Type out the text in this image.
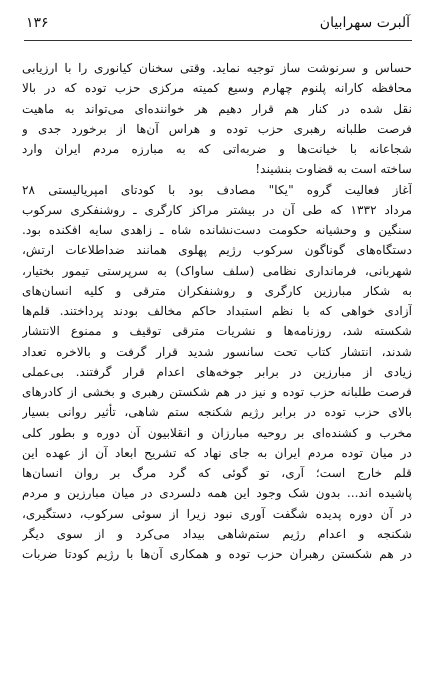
آلبرت سهرابیان
۱۳۶
حساس و سرنوشت ساز توجیه نماید. وقتی سخنان کیانوری را با ارزیابی
محافظه کارانه پلنوم چهارم وسیع کمیته مرکزی حزب توده که در بالا
نقل شده در کنار هم قرار دهیم هر خواننده‌ای می‌تواند به ماهیت
فرصت طلبانه رهبری حزب توده و هراس آن‌ها از برخورد جدی و
شجاعانه با خیانت‌ها و ضربه‌اتی که به مبارزه مردم ایران وارد
ساخته است به قضاوت بنشیند!
آغاز فعالیت گروه "یکا" مصادف بود با کودتای امپریالیستی ۲۸
مرداد ۱۳۳۲ که طی آن در بیشتر مراکز کارگری ـ روشنفکری سرکوب
سنگین و وحشیانه حکومت دست‌نشانده شاه ـ زاهدی سایه افکنده بود.
دستگاه‌های گوناگون سرکوب رژیم پهلوی همانند ضداطلاعات ارتش،
شهربانی، فرمانداری نظامی (سلف ساواک) به سرپرستی تیمور بختیار،
به شکار مبارزین کارگری و روشنفکران مترقی و کلیه انسان‌های
آزادی خواهی که با نظم استبداد حاکم مخالف بودند پرداختند. قلم‌ها
شکسته شد، روزنامه‌ها و نشریات مترقی توقیف و ممنوع الانتشار
شدند، انتشار کتاب تحت سانسور شدید قرار گرفت و بالاخره تعداد
زیادی از مبارزین در برابر جوخه‌های اعدام قرار گرفتند. بی‌عملی
فرصت طلبانه حزب توده و نیز در هم شکستن رهبری و بخشی از کادرهای
بالای حزب توده در برابر رژیم شکنجه ستم شاهی، تأثیر روانی بسیار
مخرب و کشنده‌ای بر روحیه مبارزان و انقلابیون آن دوره و بطور کلی
در میان توده مردم ایران به جای نهاد که تشریح ابعاد آن از عهده این
قلم خارج است؛ آری، تو گوئی که گرد مرگ بر روان انسان‌ها
پاشیده اند... بدون شک وجود این همه دلسردی در میان مبارزین و مردم
در آن دوره پدیده شگفت آوری نبود زیرا از سوئی سرکوب، دستگیری،
شکنجه و اعدام رژیم ستم‌شاهی بیداد می‌کرد و از سوی دیگر
در هم شکستن رهبران حزب توده و همکاری آن‌ها با رژیم کودتا ضربات
